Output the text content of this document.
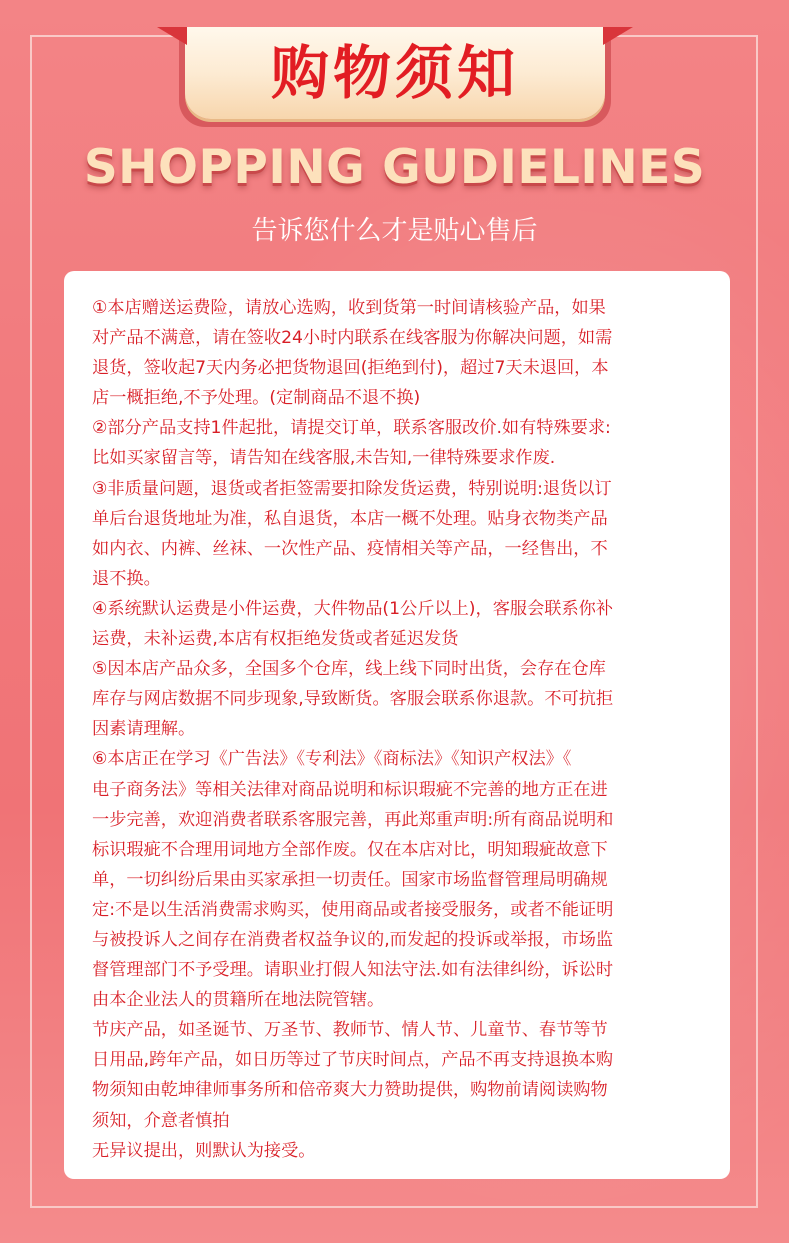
购物须知
SHOPPING GUDIELINES
告诉您什么才是贴心售后

①本店赠送运费险，请放心选购，收到货第一时间请核验产品，如果

对产品不满意，请在签收24小时内联系在线客服为你解决问题，如需

退货，签收起7天内务必把货物退回(拒绝到付)，超过7天未退回，本

店一概拒绝,不予处理。(定制商品不退不换)

②部分产品支持1件起批，请提交订单，联系客服改价.如有特殊要求:

比如买家留言等，请告知在线客服,未告知,一律特殊要求作废.

③非质量问题，退货或者拒签需要扣除发货运费，特别说明:退货以订

单后台退货地址为准，私自退货，本店一概不处理。贴身衣物类产品

如内衣、内裤、丝袜、一次性产品、疫情相关等产品，一经售出，不

退不换。

④系统默认运费是小件运费，大件物品(1公斤以上)，客服会联系你补

运费，未补运费,本店有权拒绝发货或者延迟发货

⑤因本店产品众多，全国多个仓库，线上线下同时出货，会存在仓库

库存与网店数据不同步现象,导致断货。客服会联系你退款。不可抗拒

因素请理解。

⑥本店正在学习《广告法》《专利法》《商标法》《知识产权法》《

电子商务法》等相关法律对商品说明和标识瑕疵不完善的地方正在进

一步完善，欢迎消费者联系客服完善，再此郑重声明:所有商品说明和

标识瑕疵不合理用词地方全部作废。仅在本店对比，明知瑕疵故意下

单，一切纠纷后果由买家承担一切责任。国家市场监督管理局明确规

定:不是以生活消费需求购买，使用商品或者接受服务，或者不能证明

与被投诉人之间存在消费者权益争议的,而发起的投诉或举报，市场监

督管理部门不予受理。请职业打假人知法守法.如有法律纠纷，诉讼时

由本企业法人的贯籍所在地法院管辖。

节庆产品，如圣诞节、万圣节、教师节、情人节、儿童节、春节等节

日用品,跨年产品，如日历等过了节庆时间点，产品不再支持退换本购

物须知由乾坤律师事务所和倍帝爽大力赞助提供，购物前请阅读购物

须知，介意者慎拍

无异议提出，则默认为接受。
